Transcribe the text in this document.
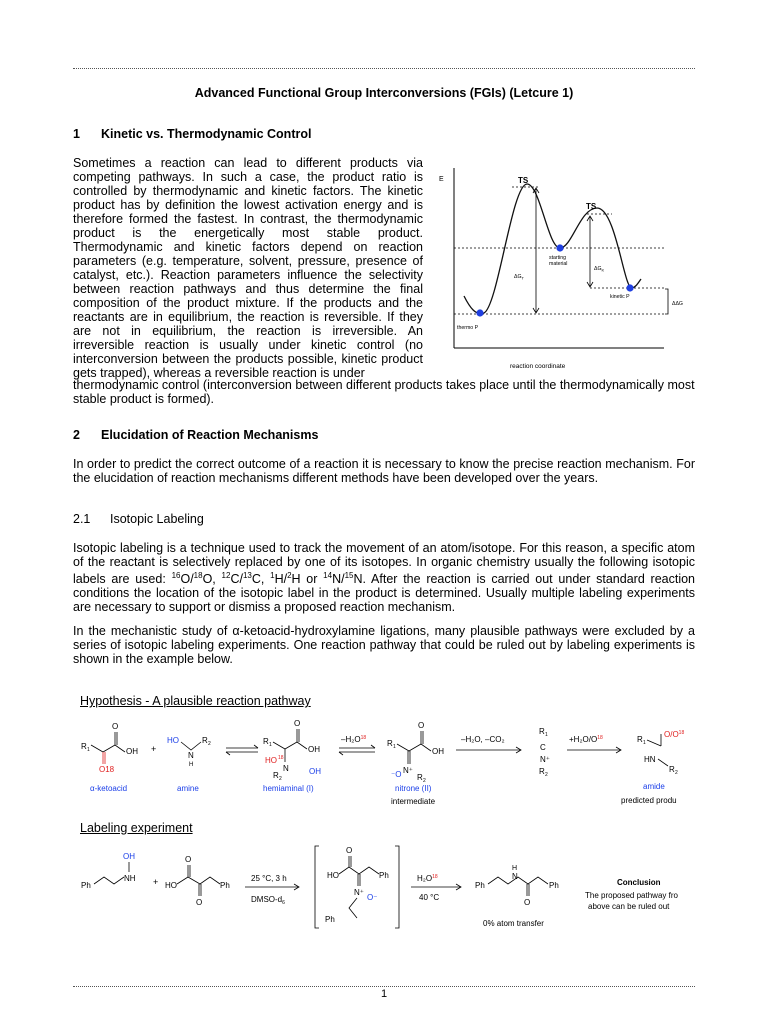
Advanced Functional Group Interconversions (FGIs) (Letcure 1)
1 Kinetic vs. Thermodynamic Control
Sometimes a reaction can lead to different products via competing pathways. In such a case, the product ratio is controlled by thermodynamic and kinetic factors. The kinetic product has by definition the lowest activation energy and is therefore formed the fastest. In contrast, the thermodynamic product is the energetically most stable product. Thermodynamic and kinetic factors depend on reaction parameters (e.g. temperature, solvent, pressure, presence of catalyst, etc.). Reaction parameters influence the selectivity between reaction pathways and thus determine the final composition of the product mixture. If the products and the reactants are in equilibrium, the reaction is reversible. If they are not in equilibrium, the reaction is irreversible. An irreversible reaction is usually under kinetic control (no interconversion between the products possible, kinetic product gets trapped), whereas a reversible reaction is under
thermodynamic control (interconversion between different products takes place until the thermodynamically most stable product is formed).
E	TS
TS
starting
material
$\Delta G_T$
$\Delta G_K$
ΔΔG
kinetic P
thermo P
reaction coordinate
2 Elucidation of Reaction Mechanisms
In order to predict the correct outcome of a reaction it is necessary to know the precise reaction mechanism. For the elucidation of reaction mechanisms different methods have been developed over the years.
2.1 Isotopic Labeling
Isotopic labeling is a technique used to track the movement of an atom/isotope. For this reason, a specific atom of the reactant is selectively replaced by one of its isotopes. In organic chemistry usually the following isotopic labels are used: $^{16}$O/$^{18}$O, $^{12}$C/$^{13}$C, $^1$H/$^2$H or $^{14}$N/$^{15}$N. After the reaction is carried out under standard reaction conditions the location of the isotopic label in the product is determined. Usually multiple labeling experiments are necessary to support or dismiss a proposed reaction mechanism.
In the mechanistic study of α-ketoacid-hydroxylamine ligations, many plausible pathways were excluded by a series of isotopic labeling experiments. One reaction pathway that could be ruled out by labeling experiments is shown in the example below.
Hypothesis - A plausible reaction pathway
R 1
O
OH
O18
+
HO
N
H
R 2	R 1
O
OH
HO 18
N
R 2
OH
$-H_2O^{18}$
R 1
O
OH
N⁺
⁻O R 2
–H₂O, –CO₂
R 1
C
N⁺
R 2
$+H_2O/O^{18}$	R 1
$O/O^{18}$
HN
R 2
α-ketoacid	amine	hemiaminal (I)	nitrone (II)
intermediate
amide
predicted produ
Labeling experiment
Ph
NH
OH
+ HO
O
O
Ph
25 °C, 3 h
DMSO-$d_6$
HO
O
Ph
N⁺
O⁻
Ph
$H_2O^{18}$
40 °C
Ph
H
N
O
Ph
0% atom transfer
Conclusion
The proposed pathway fro
above can be ruled out
1
